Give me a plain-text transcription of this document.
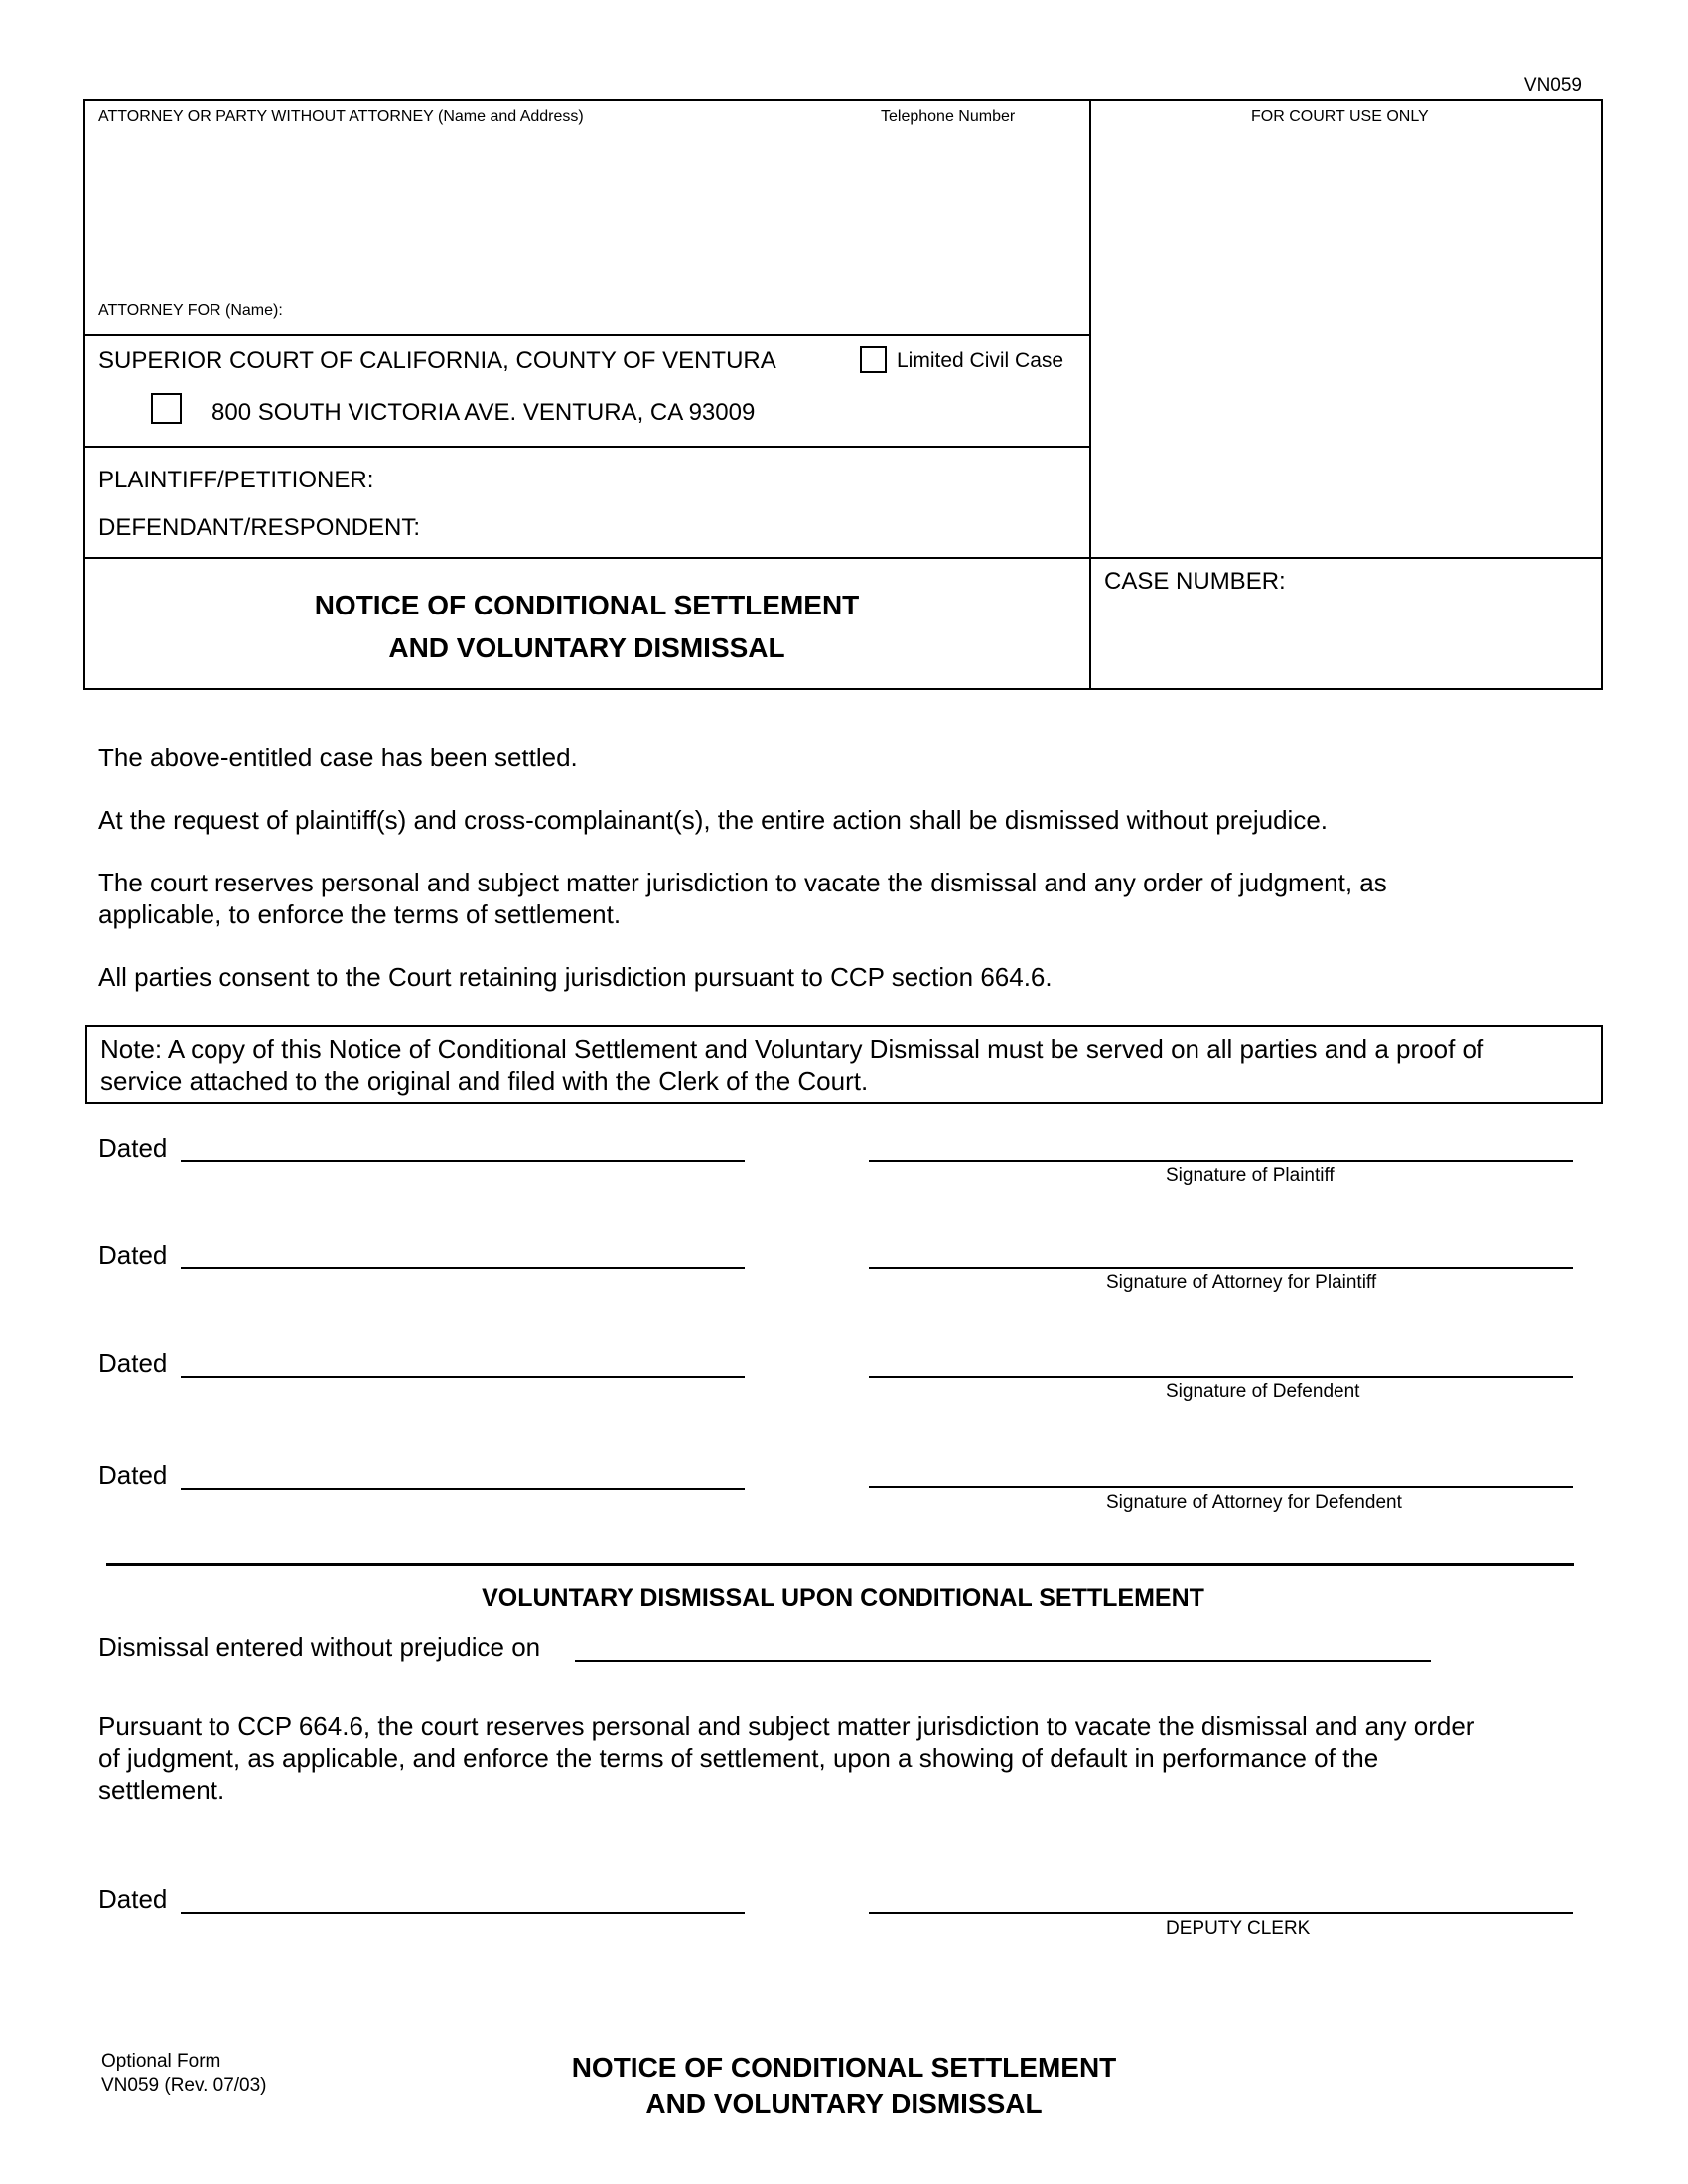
VN059
ATTORNEY OR PARTY WITHOUT ATTORNEY (Name and Address)	Telephone Number	FOR COURT USE ONLY
ATTORNEY FOR (Name):
SUPERIOR COURT OF CALIFORNIA, COUNTY OF VENTURA	Limited Civil Case
800 SOUTH VICTORIA AVE. VENTURA, CA 93009
PLAINTIFF/PETITIONER:
DEFENDANT/RESPONDENT:
NOTICE OF CONDITIONAL SETTLEMENT
AND VOLUNTARY DISMISSAL
CASE NUMBER:
The above-entitled case has been settled.
At the request of plaintiff(s) and cross-complainant(s), the entire action shall be dismissed without prejudice.
The court reserves personal and subject matter jurisdiction to vacate the dismissal and any order of judgment, as
applicable, to enforce the terms of settlement.
All parties consent to the Court retaining jurisdiction pursuant to CCP section 664.6.
Note: A copy of this Notice of Conditional Settlement and Voluntary Dismissal must be served on all parties and a proof of
service attached to the original and filed with the Clerk of the Court.
Dated
Signature of Plaintiff
Dated
Signature of Attorney for Plaintiff
Dated
Signature of Defendent
Dated
Signature of Attorney for Defendent
VOLUNTARY DISMISSAL UPON CONDITIONAL SETTLEMENT
Dismissal entered without prejudice on
Pursuant to CCP 664.6, the court reserves personal and subject matter jurisdiction to vacate the dismissal and any order
of judgment, as applicable, and enforce the terms of settlement, upon a showing of default in performance of the
settlement.
Dated
DEPUTY CLERK
Optional Form
VN059 (Rev. 07/03)
NOTICE OF CONDITIONAL SETTLEMENT
AND VOLUNTARY DISMISSAL
